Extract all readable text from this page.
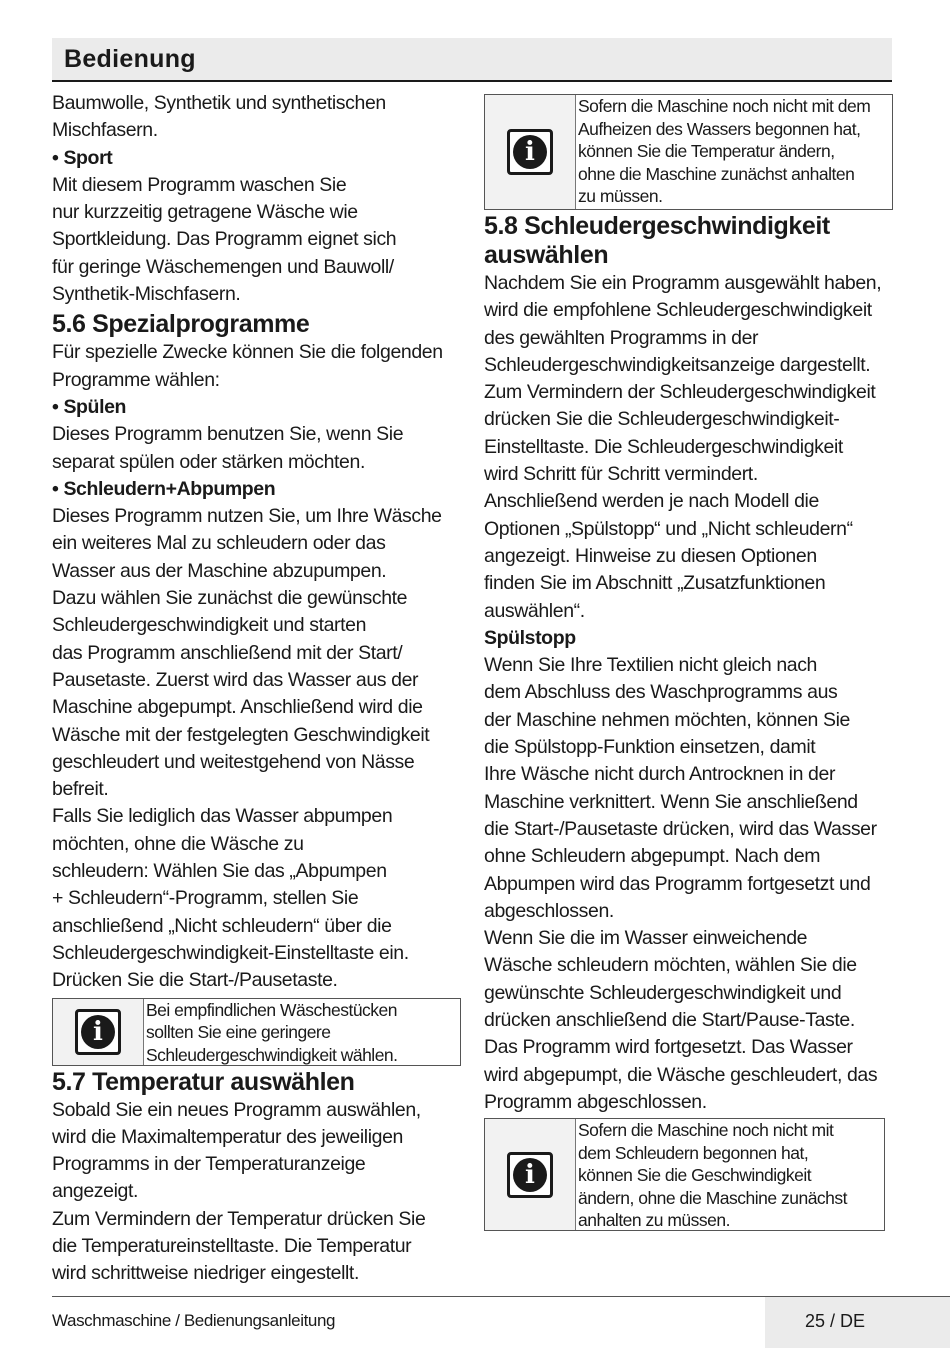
Bedienung

Baumwolle, Synthetik und synthetischen Mischfasern.

• Sport

Mit diesem Programm waschen Sie

nur kurzzeitig getragene Wäsche wie

Sportkleidung. Das Programm eignet sich

für geringe Wäschemengen und Bauwoll/

Synthetik-Mischfasern.

5.6 Spezialprogramme

Für spezielle Zwecke können Sie die folgenden

Programme wählen:

• Spülen

Dieses Programm benutzen Sie, wenn Sie

separat spülen oder stärken möchten.

• Schleudern+Abpumpen

Dieses Programm nutzen Sie, um Ihre Wäsche

ein weiteres Mal zu schleudern oder das

Wasser aus der Maschine abzupumpen.

Dazu wählen Sie zunächst die gewünschte

Schleudergeschwindigkeit und starten

das Programm anschließend mit der Start/

Pausetaste. Zuerst wird das Wasser aus der

Maschine abgepumpt. Anschließend wird die

Wäsche mit der festgelegten Geschwindigkeit

geschleudert und weitestgehend von Nässe

befreit.

Falls Sie lediglich das Wasser abpumpen

möchten, ohne die Wäsche zu

schleudern: Wählen Sie das „Abpumpen

+ Schleudern“-Programm, stellen Sie

anschließend „Nicht schleudern“ über die

Schleudergeschwindigkeit-Einstelltaste ein.

Drücken Sie die Start-/Pausetaste.

i
Bei empfindlichen Wäschestücken
sollten Sie eine geringere
Schleudergeschwindigkeit wählen.

5.7 Temperatur auswählen

Sobald Sie ein neues Programm auswählen,

wird die Maximaltemperatur des jeweiligen

Programms in der Temperaturanzeige

angezeigt.

Zum Vermindern der Temperatur drücken Sie

die Temperatureinstelltaste. Die Temperatur

wird schrittweise niedriger eingestellt.

i
Sofern die Maschine noch nicht mit dem
Aufheizen des Wassers begonnen hat,
können Sie die Temperatur ändern,
ohne die Maschine zunächst anhalten
zu müssen.

5.8 Schleudergeschwindigkeit

auswählen

Nachdem Sie ein Programm ausgewählt haben,

wird die empfohlene Schleudergeschwindigkeit

des gewählten Programms in der

Schleudergeschwindigkeitsanzeige dargestellt.

Zum Vermindern der Schleudergeschwindigkeit

drücken Sie die Schleudergeschwindigkeit-

Einstelltaste. Die Schleudergeschwindigkeit

wird Schritt für Schritt vermindert.

Anschließend werden je nach Modell die

Optionen „Spülstopp“ und „Nicht schleudern“

angezeigt. Hinweise zu diesen Optionen

finden Sie im Abschnitt „Zusatzfunktionen

auswählen“.

Spülstopp

Wenn Sie Ihre Textilien nicht gleich nach

dem Abschluss des Waschprogramms aus

der Maschine nehmen möchten, können Sie

die Spülstopp-Funktion einsetzen, damit

Ihre Wäsche nicht durch Antrocknen in der

Maschine verknittert. Wenn Sie anschließend

die Start-/Pausetaste drücken, wird das Wasser

ohne Schleudern abgepumpt. Nach dem

Abpumpen wird das Programm fortgesetzt und

abgeschlossen.

Wenn Sie die im Wasser einweichende

Wäsche schleudern möchten, wählen Sie die

gewünschte Schleudergeschwindigkeit und

drücken anschließend die Start/Pause-Taste.

Das Programm wird fortgesetzt. Das Wasser

wird abgepumpt, die Wäsche geschleudert, das

Programm abgeschlossen.

i
Sofern die Maschine noch nicht mit
dem Schleudern begonnen hat,
können Sie die Geschwindigkeit
ändern, ohne die Maschine zunächst
anhalten zu müssen.
Waschmaschine / Bedienungsanleitung	25 / DE
